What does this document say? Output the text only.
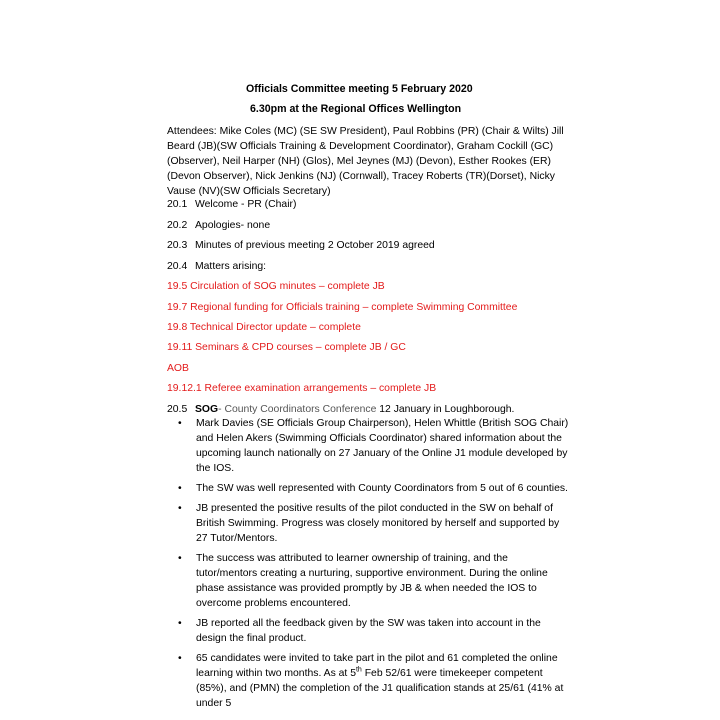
Officials Committee meeting 5 February 2020
6.30pm at the Regional Offices Wellington
Attendees: Mike Coles (MC) (SE SW President), Paul Robbins (PR) (Chair & Wilts) Jill Beard (JB)(SW Officials Training & Development Coordinator), Graham Cockill (GC) (Observer), Neil Harper (NH) (Glos), Mel Jeynes (MJ) (Devon), Esther Rookes (ER) (Devon Observer), Nick Jenkins (NJ) (Cornwall), Tracey Roberts (TR)(Dorset), Nicky Vause (NV)(SW Officials Secretary)
20.1 Welcome - PR (Chair)
20.2 Apologies- none
20.3 Minutes of previous meeting 2 October 2019 agreed
20.4 Matters arising:
19.5 Circulation of SOG minutes – complete JB
19.7 Regional funding for Officials training – complete Swimming Committee
19.8 Technical Director update – complete
19.11 Seminars & CPD courses – complete JB / GC
AOB
19.12.1 Referee examination arrangements – complete JB
20.5 SOG- County Coordinators Conference 12 January in Loughborough.
• Mark Davies (SE Officials Group Chairperson), Helen Whittle (British SOG Chair) and Helen Akers (Swimming Officials Coordinator) shared information about the upcoming launch nationally on 27 January of the Online J1 module developed by the IOS.
• The SW was well represented with County Coordinators from 5 out of 6 counties.
• JB presented the positive results of the pilot conducted in the SW on behalf of British Swimming. Progress was closely monitored by herself and supported by 27 Tutor/Mentors.
• The success was attributed to learner ownership of training, and the tutor/mentors creating a nurturing, supportive environment. During the online phase assistance was provided promptly by JB & when needed the IOS to overcome problems encountered.
• JB reported all the feedback given by the SW was taken into account in the design the final product.
• 65 candidates were invited to take part in the pilot and 61 completed the online learning within two months. As at 5th Feb 52/61 were timekeeper competent (85%), and (PMN) the completion of the J1 qualification stands at 25/61 (41% at under 5
